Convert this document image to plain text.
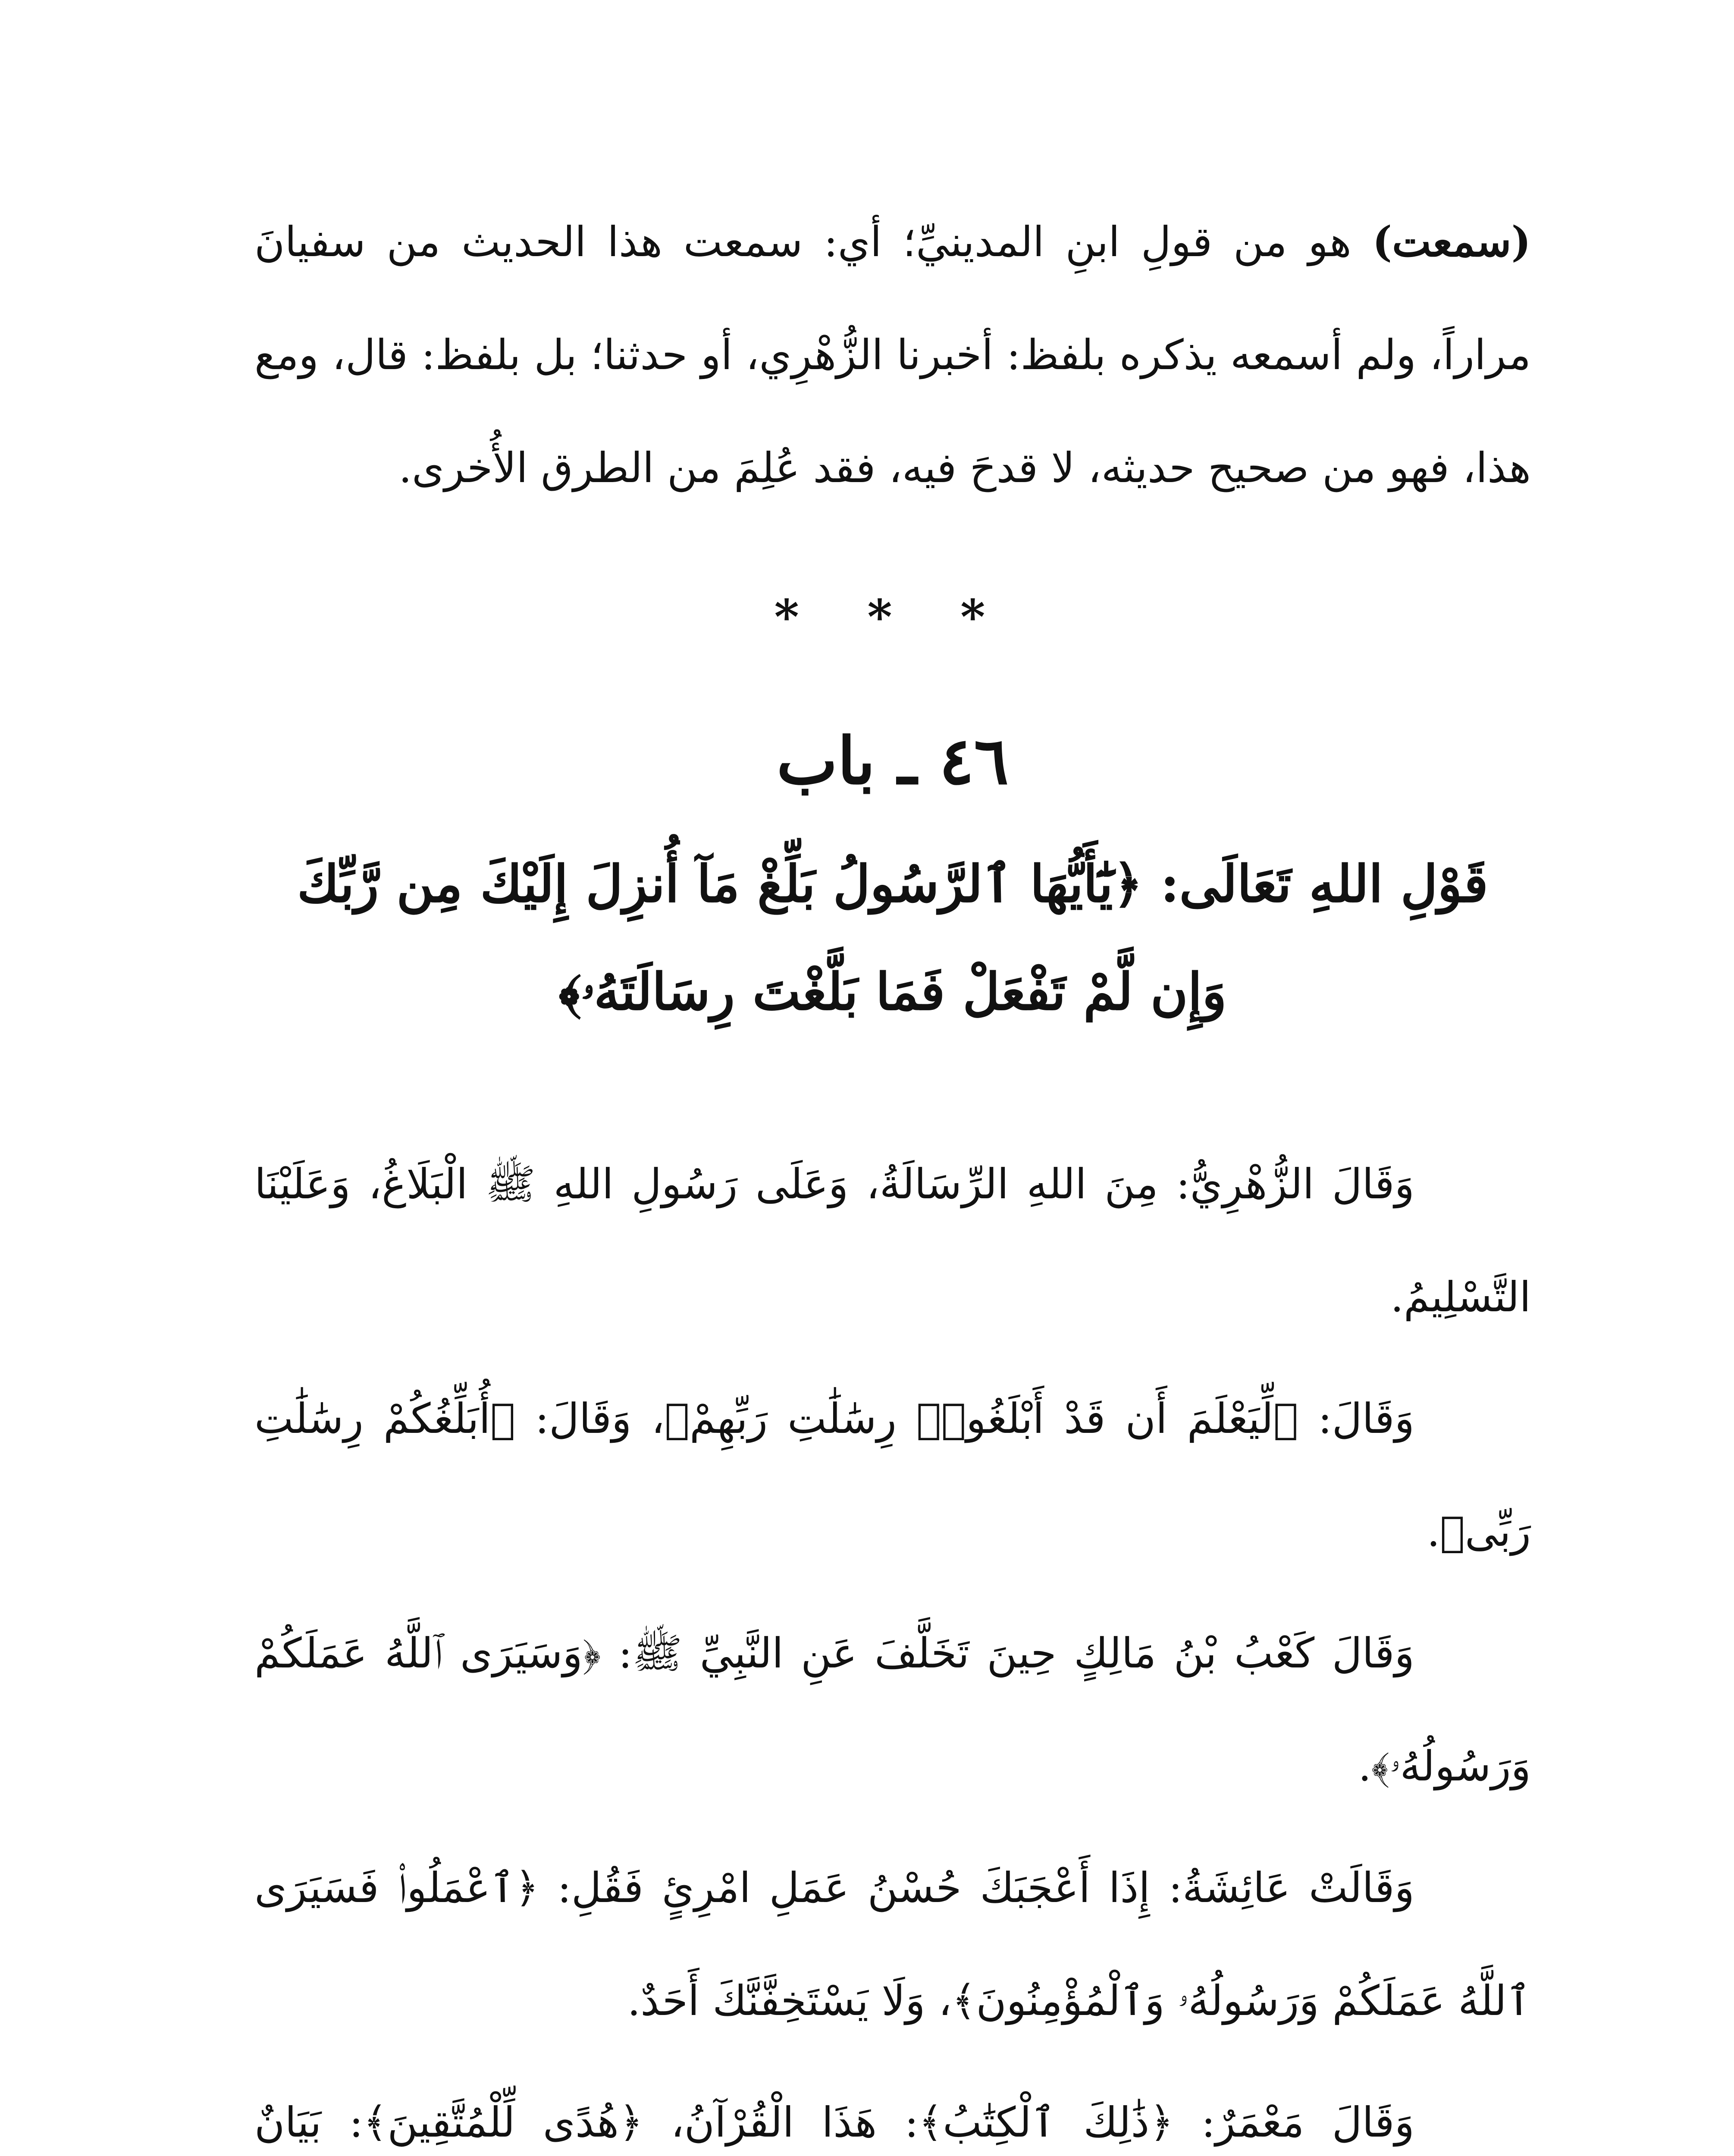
(سمعت) هو من قولِ ابنِ المدينيِّ؛ أي: سمعت هذا الحديث من سفيانَ مراراً، ولم أسمعه يذكره بلفظ: أخبرنا الزُّهْرِي، أو حدثنا؛ بل بلفظ: قال، ومع هذا، فهو من صحيح حديثه، لا قدحَ فيه، فقد عُلِمَ من الطرق الأُخرى.

* * *
٤٦ ـ باب
قَوْلِ اللهِ تَعَالَى: ﴿يَٰٓأَيُّهَا ٱلرَّسُولُ بَلِّغْ مَآ أُنزِلَ إِلَيْكَ مِن رَّبِّكَ
وَإِن لَّمْ تَفْعَلْ فَمَا بَلَّغْتَ رِسَالَتَهُۥ﴾

وَقَالَ الزُّهْرِيُّ: مِنَ اللهِ الرِّسَالَةُ، وَعَلَى رَسُولِ اللهِ ﷺ الْبَلَاغُ، وَعَلَيْنَا التَّسْلِيمُ.

وَقَالَ: ﴿لِّيَعْلَمَ أَن قَدْ أَبْلَغُوا۟ رِسَٰلَٰتِ رَبِّهِمْ﴾، وَقَالَ: ﴿أُبَلِّغُكُمْ رِسَٰلَٰتِ رَبِّى﴾.

وَقَالَ كَعْبُ بْنُ مَالِكٍ حِينَ تَخَلَّفَ عَنِ النَّبِيِّ ﷺ: ﴿وَسَيَرَى ٱللَّهُ عَمَلَكُمْ وَرَسُولُهُۥ﴾.

وَقَالَتْ عَائِشَةُ: إِذَا أَعْجَبَكَ حُسْنُ عَمَلِ امْرِئٍ فَقُلِ: ﴿ٱعْمَلُوا۟ فَسَيَرَى ٱللَّهُ عَمَلَكُمْ وَرَسُولُهُۥ وَٱلْمُؤْمِنُونَ﴾، وَلَا يَسْتَخِفَّنَّكَ أَحَدٌ.

وَقَالَ مَعْمَرٌ: ﴿ذَٰلِكَ ٱلْكِتَٰبُ﴾: هَذَا الْقُرْآنُ، ﴿هُدًى لِّلْمُتَّقِينَ﴾: بَيَانٌ
